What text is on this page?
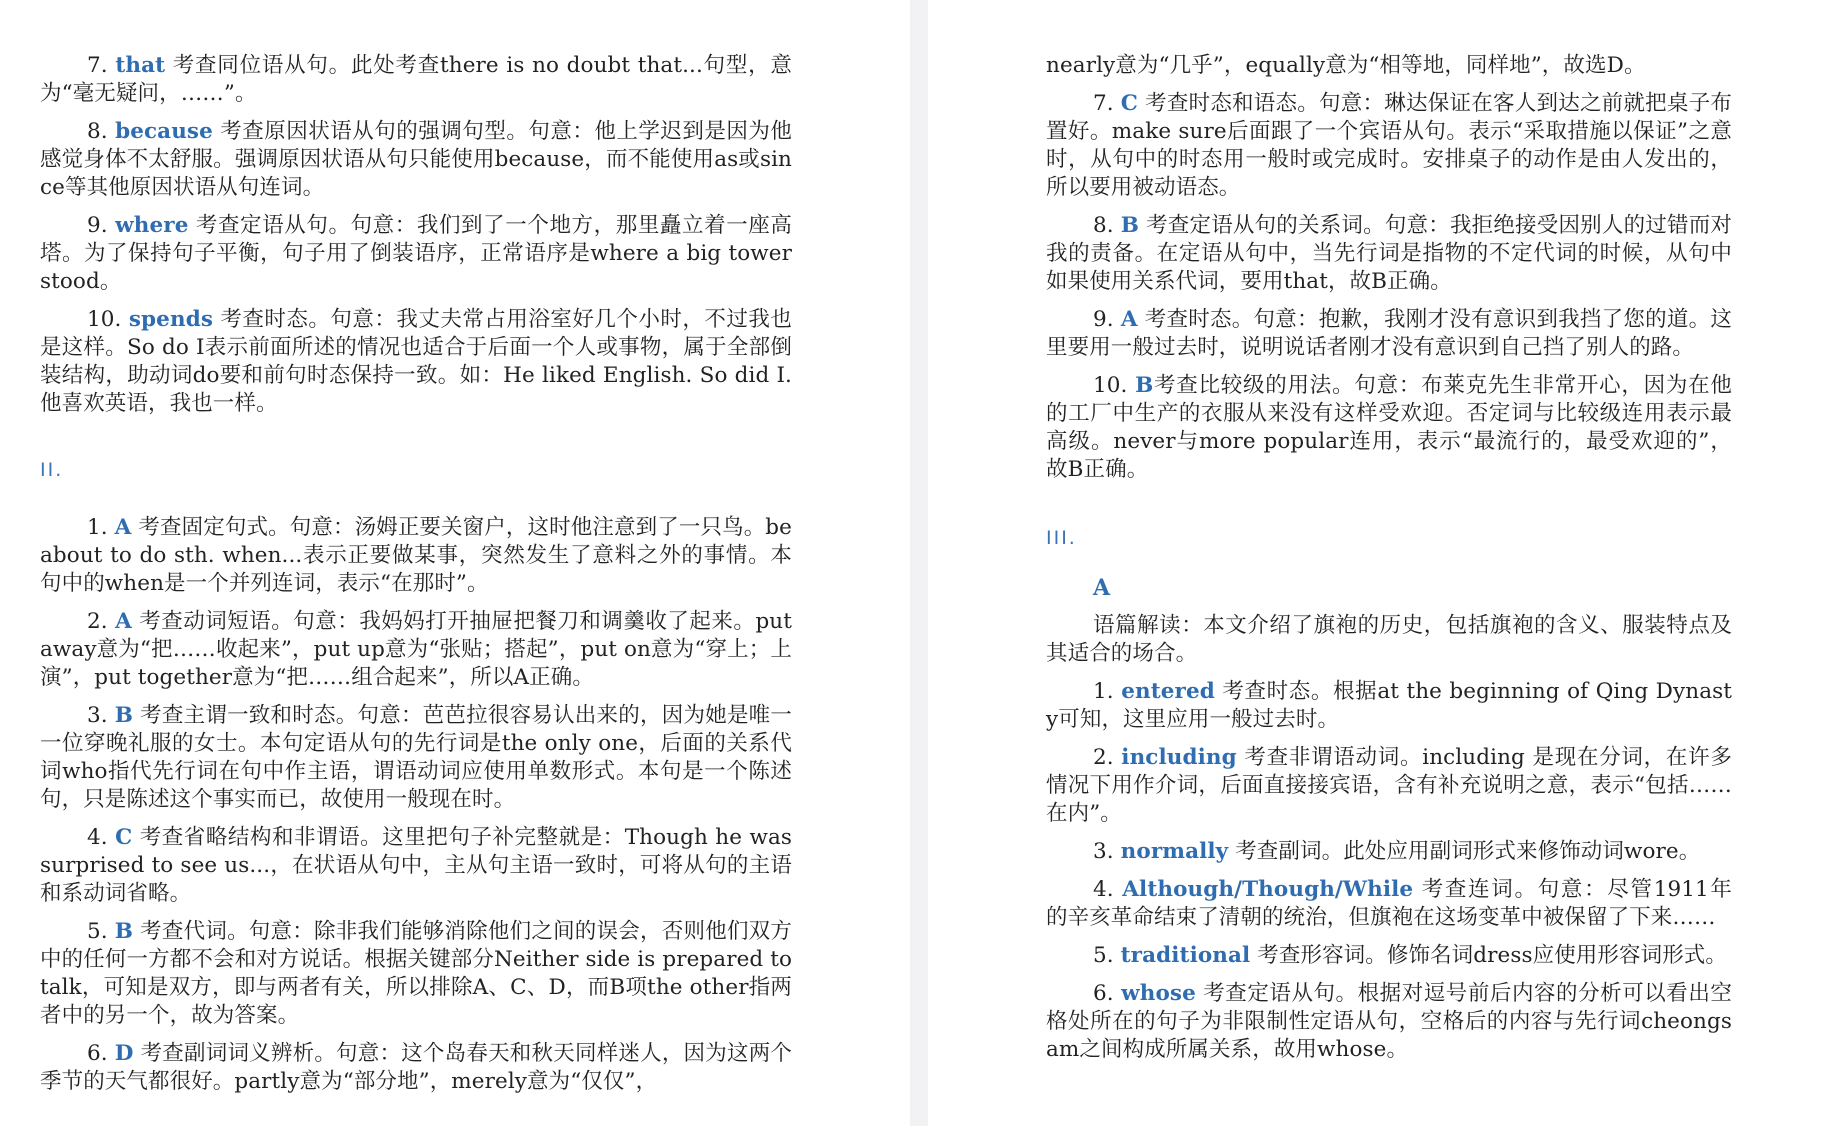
7. that 考查同位语从句。此处考查there is no doubt that...句型，意为“毫无疑问，……”。

8. because 考查原因状语从句的强调句型。句意：他上学迟到是因为他感觉身体不太舒服。强调原因状语从句只能使用because，而不能使用as或since等其他原因状语从句连词。

9. where 考查定语从句。句意：我们到了一个地方，那里矗立着一座高塔。为了保持句子平衡，句子用了倒装语序，正常语序是where a big tower stood。

10. spends 考查时态。句意：我丈夫常占用浴室好几个小时，不过我也是这样。So do I表示前面所述的情况也适合于后面一个人或事物，属于全部倒装结构，助动词do要和前句时态保持一致。如：He liked English. So did I. 他喜欢英语，我也一样。

II.

1. A 考查固定句式。句意：汤姆正要关窗户，这时他注意到了一只鸟。be about to do sth. when...表示正要做某事，突然发生了意料之外的事情。本句中的when是一个并列连词，表示“在那时”。

2. A 考查动词短语。句意：我妈妈打开抽屉把餐刀和调羹收了起来。put away意为“把……收起来”，put up意为“张贴；搭起”，put on意为“穿上；上演”，put together意为“把……组合起来”，所以A正确。

3. B 考查主谓一致和时态。句意：芭芭拉很容易认出来的，因为她是唯一一位穿晚礼服的女士。本句定语从句的先行词是the only one，后面的关系代词who指代先行词在句中作主语，谓语动词应使用单数形式。本句是一个陈述句，只是陈述这个事实而已，故使用一般现在时。

4. C 考查省略结构和非谓语。这里把句子补完整就是：Though he was surprised to see us...，在状语从句中，主从句主语一致时，可将从句的主语和系动词省略。

5. B 考查代词。句意：除非我们能够消除他们之间的误会，否则他们双方中的任何一方都不会和对方说话。根据关键部分Neither side is prepared to talk，可知是双方，即与两者有关，所以排除A、C、D，而B项the other指两者中的另一个，故为答案。

6. D 考查副词词义辨析。句意：这个岛春天和秋天同样迷人，因为这两个季节的天气都很好。partly意为“部分地”，merely意为“仅仅”，

nearly意为“几乎”，equally意为“相等地，同样地”，故选D。

7. C 考查时态和语态。句意：琳达保证在客人到达之前就把桌子布置好。make sure后面跟了一个宾语从句。表示“采取措施以保证”之意时，从句中的时态用一般时或完成时。安排桌子的动作是由人发出的，所以要用被动语态。

8. B 考查定语从句的关系词。句意：我拒绝接受因别人的过错而对我的责备。在定语从句中，当先行词是指物的不定代词的时候，从句中如果使用关系代词，要用that，故B正确。

9. A 考查时态。句意：抱歉，我刚才没有意识到我挡了您的道。这里要用一般过去时，说明说话者刚才没有意识到自己挡了别人的路。

10. B考查比较级的用法。句意：布莱克先生非常开心，因为在他的工厂中生产的衣服从来没有这样受欢迎。否定词与比较级连用表示最高级。never与more popular连用，表示“最流行的，最受欢迎的”，故B正确。

III.

A

语篇解读：本文介绍了旗袍的历史，包括旗袍的含义、服装特点及其适合的场合。

1. entered 考查时态。根据at the beginning of Qing Dynasty可知，这里应用一般过去时。

2. including 考查非谓语动词。including 是现在分词，在许多情况下用作介词，后面直接接宾语，含有补充说明之意，表示“包括……在内”。

3. normally 考查副词。此处应用副词形式来修饰动词wore。

4. Although/Though/While 考查连词。句意：尽管1911年的辛亥革命结束了清朝的统治，但旗袍在这场变革中被保留了下来……

5. traditional 考查形容词。修饰名词dress应使用形容词形式。

6. whose 考查定语从句。根据对逗号前后内容的分析可以看出空格处所在的句子为非限制性定语从句，空格后的内容与先行词cheongsam之间构成所属关系，故用whose。
